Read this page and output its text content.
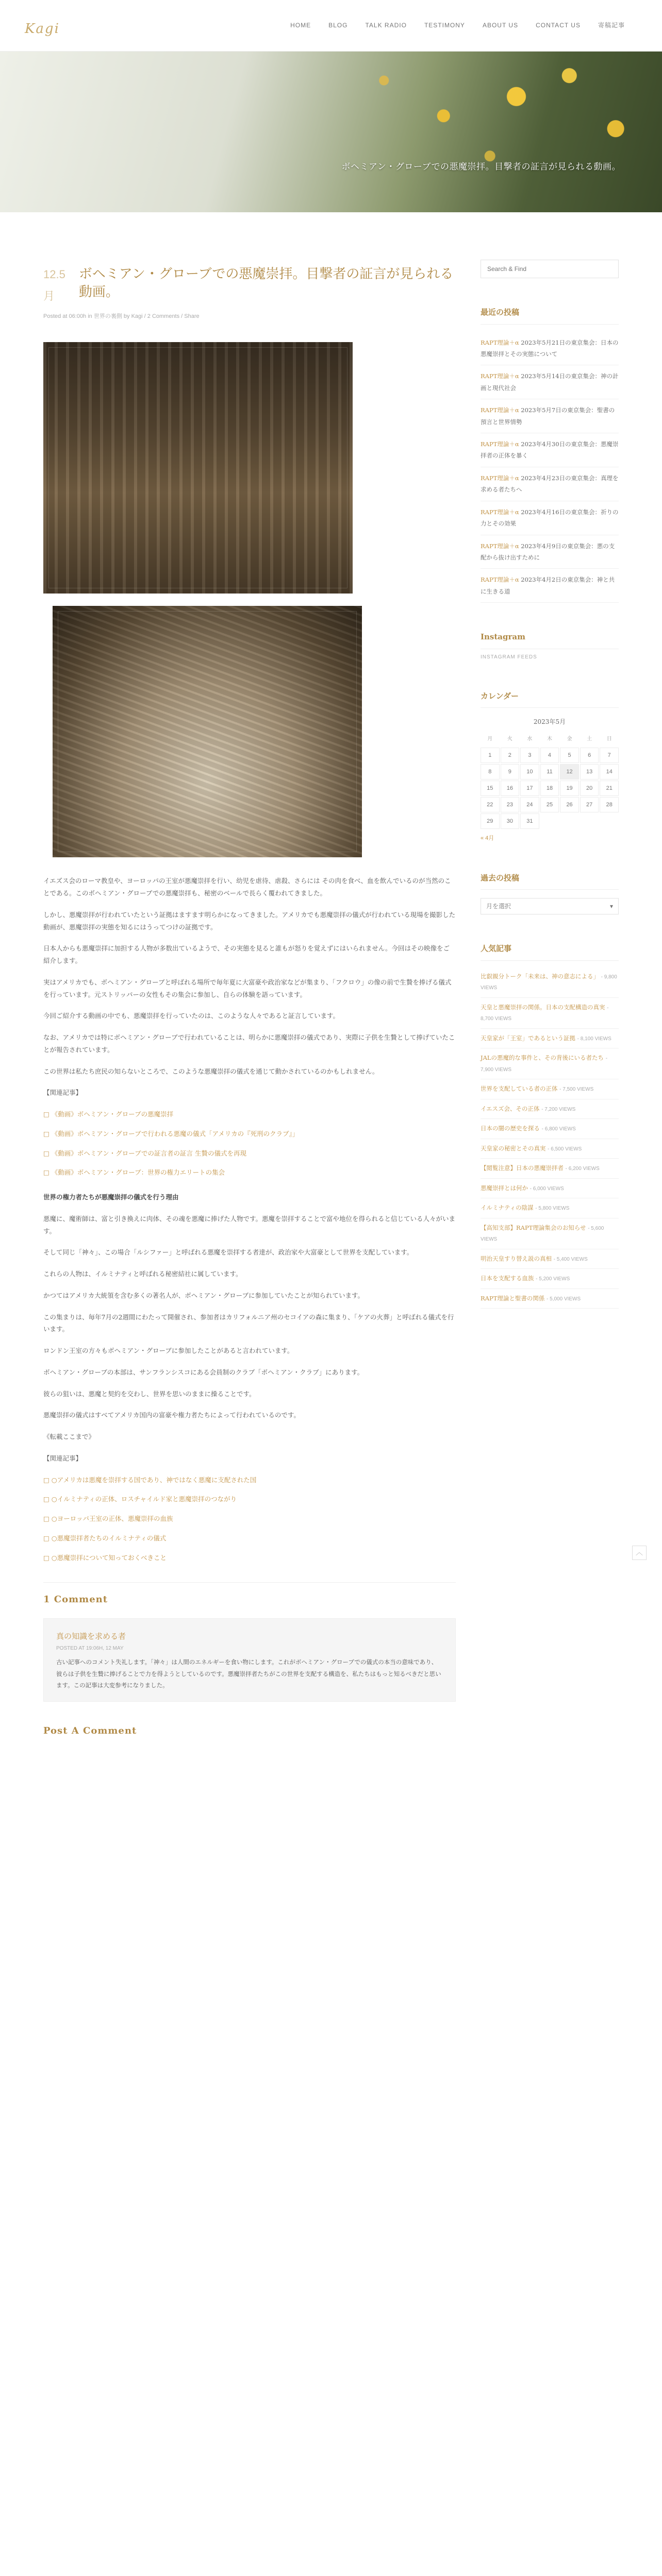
Kagi	HOME	BLOG	TALK RADIO	TESTIMONY	ABOUT US	CONTACT US	寄稿記事
ボヘミアン・グローブでの悪魔崇拝。目撃者の証言が見られる動画。
12.5月
ボヘミアン・グローブでの悪魔崇拝。目撃者の証言が見られる動画。
Posted at 06:00h in 世界の裏側 by Kagi / 2 Comments / Share

イエズス会のローマ教皇や、ヨーロッパの王室が悪魔崇拝を行い、幼児を虐待、虐殺、さらには その肉を食べ、血を飲んでいるのが当然のことである。このボヘミアン・グローブでの悪魔崇拝も、秘密のベールで長らく覆われてきました。

しかし、悪魔崇拝が行われていたという証拠はますます明らかになってきました。アメリカでも悪魔崇拝の儀式が行われている現場を撮影した動画が、悪魔崇拝の実態を知るにはうってつけの証拠です。

日本人からも悪魔崇拝に加担する人物が多数出ているようで、その実態を見ると誰もが怒りを覚えずにはいられません。今回はその映像をご紹介します。

実はアメリカでも、ボヘミアン・グローブと呼ばれる場所で毎年夏に大富豪や政治家などが集まり、「フクロウ」の像の前で生贄を捧げる儀式を行っています。元ストリッパーの女性もその集会に参加し、自らの体験を語っています。

今回ご紹介する動画の中でも、悪魔崇拝を行っていたのは、このような人々であると証言しています。

なお、アメリカでは特にボヘミアン・グローブで行われていることは、明らかに悪魔崇拝の儀式であり、実際に子供を生贄として捧げていたことが報告されています。

この世界は私たち庶民の知らないところで、このような悪魔崇拝の儀式を通じて動かされているのかもしれません。

【関連記事】

□ 《動画》ボヘミアン・グローブの悪魔崇拝
□ 《動画》ボヘミアン・グローブで行われる悪魔の儀式「アメリカの『死刑のクラブ』」
□ 《動画》ボヘミアン・グローブでの証言者の証言 生贄の儀式を再現
□ 《動画》ボヘミアン・グローブ：世界の権力エリートの集会

世界の権力者たちが悪魔崇拝の儀式を行う理由

悪魔に、魔術師は、富と引き換えに肉体、その魂を悪魔に捧げた人物です。悪魔を崇拝することで富や地位を得られると信じている人々がいます。

そして同じ「神々」、この場合「ルシファー」と呼ばれる悪魔を崇拝する者達が、政治家や大富豪として世界を支配しています。

これらの人物は、イルミナティと呼ばれる秘密結社に属しています。

かつてはアメリカ大統領を含む多くの著名人が、ボヘミアン・グローブに参加していたことが知られています。

この集まりは、毎年7月の2週間にわたって開催され、参加者はカリフォルニア州のセコイアの森に集まり、「ケアの火葬」と呼ばれる儀式を行います。

ロンドン王室の方々もボヘミアン・グローブに参加したことがあると言われています。

ボヘミアン・グローブの本部は、サンフランシスコにある会員制のクラブ「ボヘミアン・クラブ」にあります。

彼らの狙いは、悪魔と契約を交わし、世界を思いのままに操ることです。

悪魔崇拝の儀式はすべてアメリカ国内の富豪や権力者たちによって行われているのです。

《転載ここまで》

【関連記事】

□ ○アメリカは悪魔を崇拝する国であり、神ではなく悪魔に支配された国
□ ○イルミナティの正体、ロスチャイルド家と悪魔崇拝のつながり
□ ○ヨーロッパ王室の正体、悪魔崇拝の血族
□ ○悪魔崇拝者たちのイルミナティの儀式
□ ○悪魔崇拝について知っておくべきこと
1 Comment
真の知識を求める者
POSTED AT 19:06H, 12 MAY
古い記事へのコメント失礼します。「神々」は人間のエネルギーを食い物にします。これがボヘミアン・グローブでの儀式の本当の意味であり、彼らは子供を生贄に捧げることで力を得ようとしているのです。悪魔崇拝者たちがこの世界を支配する構造を、私たちはもっと知るべきだと思います。この記事は大変参考になりました。
Post A Comment
Search & Find
最近の投稿
RAPT理論＋α 2023年5月21日の東京集会：日本の悪魔崇拝とその実態について
RAPT理論＋α 2023年5月14日の東京集会：神の計画と現代社会
RAPT理論＋α 2023年5月7日の東京集会：聖書の預言と世界情勢
RAPT理論＋α 2023年4月30日の東京集会：悪魔崇拝者の正体を暴く
RAPT理論＋α 2023年4月23日の東京集会：真理を求める者たちへ
RAPT理論＋α 2023年4月16日の東京集会：祈りの力とその効果
RAPT理論＋α 2023年4月9日の東京集会：悪の支配から抜け出すために
RAPT理論＋α 2023年4月2日の東京集会：神と共に生きる道
Instagram
INSTAGRAM FEEDS
カレンダー
2023年5月
月	火	水	木	金	土	日
1	2	3	4	5	6	7
8	9	10	11	12	13	14
15	16	17	18	19	20	21
22	23	24	25	26	27	28
29	30	31
« 4月
過去の投稿
月を選択	▾
人気記事
比叡親分トーク「未来は、神の意志による」 - 9,800 VIEWS
天皇と悪魔崇拝の関係。日本の支配構造の真実 - 8,700 VIEWS
天皇家が「王室」であるという証拠 - 8,100 VIEWS
JALの悪魔的な事件と、その背後にいる者たち - 7,900 VIEWS
世界を支配している者の正体 - 7,500 VIEWS
イエスズ会、その正体 - 7,200 VIEWS
日本の闇の歴史を探る - 6,800 VIEWS
天皇家の秘密とその真実 - 6,500 VIEWS
【閲覧注意】日本の悪魔崇拝者 - 6,200 VIEWS
悪魔崇拝とは何か - 6,000 VIEWS
イルミナティの陰謀 - 5,800 VIEWS
【高知支部】RAPT理論集会のお知らせ - 5,600 VIEWS
明治天皇すり替え説の真相 - 5,400 VIEWS
日本を支配する血族 - 5,200 VIEWS
RAPT理論と聖書の関係 - 5,000 VIEWS
︿
